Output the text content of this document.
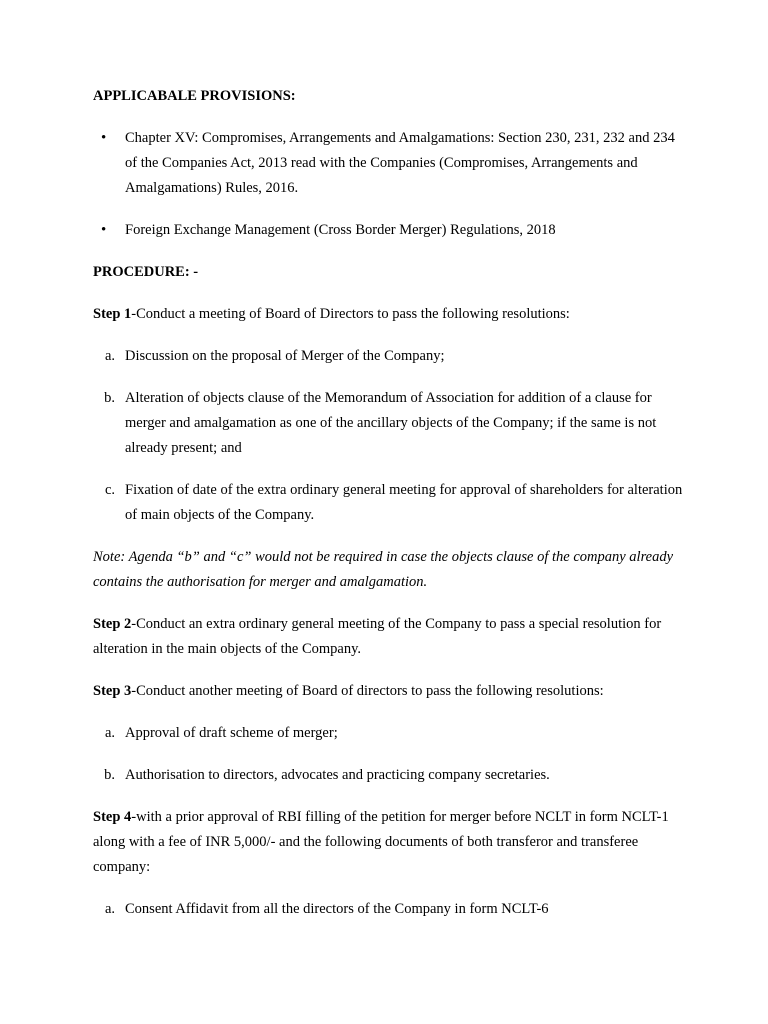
APPLICABALE PROVISIONS:
• Chapter XV: Compromises, Arrangements and Amalgamations: Section 230, 231, 232 and 234 of the Companies Act, 2013 read with the Companies (Compromises, Arrangements and Amalgamations) Rules, 2016.
• Foreign Exchange Management (Cross Border Merger) Regulations, 2018
PROCEDURE: -
Step 1-Conduct a meeting of Board of Directors to pass the following resolutions:
a. Discussion on the proposal of Merger of the Company;
b. Alteration of objects clause of the Memorandum of Association for addition of a clause for merger and amalgamation as one of the ancillary objects of the Company; if the same is not already present; and
c. Fixation of date of the extra ordinary general meeting for approval of shareholders for alteration of main objects of the Company.
Note: Agenda “b” and “c” would not be required in case the objects clause of the company already contains the authorisation for merger and amalgamation.
Step 2-Conduct an extra ordinary general meeting of the Company to pass a special resolution for alteration in the main objects of the Company.
Step 3-Conduct another meeting of Board of directors to pass the following resolutions:
a. Approval of draft scheme of merger;
b. Authorisation to directors, advocates and practicing company secretaries.
Step 4-with a prior approval of RBI filling of the petition for merger before NCLT in form NCLT-1 along with a fee of INR 5,000/- and the following documents of both transferor and transferee company:
a. Consent Affidavit from all the directors of the Company in form NCLT-6
